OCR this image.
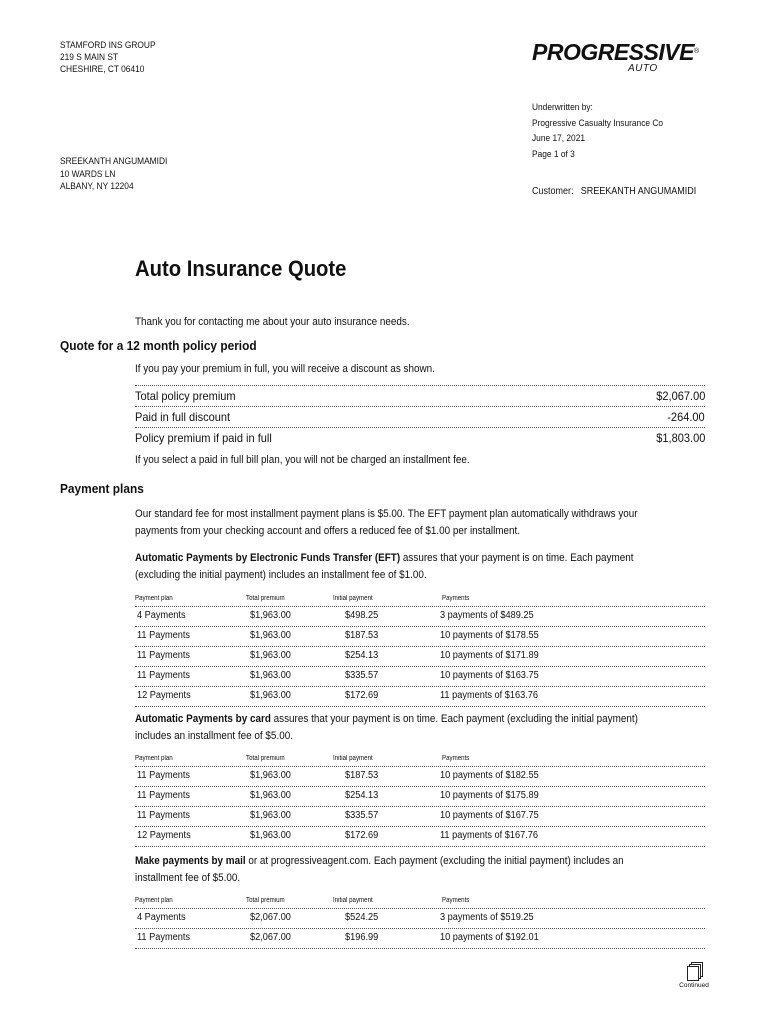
STAMFORD INS GROUP
219 S MAIN ST
CHESHIRE, CT 06410
PROGRESSIVE®
AUTO
Underwritten by:
Progressive Casualty Insurance Co
June 17, 2021
Page 1 of 3
SREEKANTH ANGUMAMIDI
10 WARDS LN
ALBANY, NY 12204	Customer: SREEKANTH ANGUMAMIDI
Auto Insurance Quote
Thank you for contacting me about your auto insurance needs.
Quote for a 12 month policy period
If you pay your premium in full, you will receive a discount as shown.
Total policy premium	$2,067.00
Paid in full discount	-264.00
Policy premium if paid in full	$1,803.00
If you select a paid in full bill plan, you will not be charged an installment fee.
Payment plans
Our standard fee for most installment payment plans is $5.00. The EFT payment plan automatically withdraws your
payments from your checking account and offers a reduced fee of $1.00 per installment.
Automatic Payments by Electronic Funds Transfer (EFT) assures that your payment is on time. Each payment
(excluding the initial payment) includes an installment fee of $1.00.
Payment plan	Total premium	Initial payment	Payments
4 Payments	$1,963.00	$498.25	3 payments of $489.25
11 Payments	$1,963.00	$187.53	10 payments of $178.55
11 Payments	$1,963.00	$254.13	10 payments of $171.89
11 Payments	$1,963.00	$335.57	10 payments of $163.75
12 Payments	$1,963.00	$172.69	11 payments of $163.76
Automatic Payments by card assures that your payment is on time. Each payment (excluding the initial payment)
includes an installment fee of $5.00.
Payment plan	Total premium	Initial payment	Payments
11 Payments	$1,963.00	$187.53	10 payments of $182.55
11 Payments	$1,963.00	$254.13	10 payments of $175.89
11 Payments	$1,963.00	$335.57	10 payments of $167.75
12 Payments	$1,963.00	$172.69	11 payments of $167.76
Make payments by mail or at progressiveagent.com. Each payment (excluding the initial payment) includes an
installment fee of $5.00.
Payment plan	Total premium	Initial payment	Payments
4 Payments	$2,067.00	$524.25	3 payments of $519.25
11 Payments	$2,067.00	$196.99	10 payments of $192.01
Continued
